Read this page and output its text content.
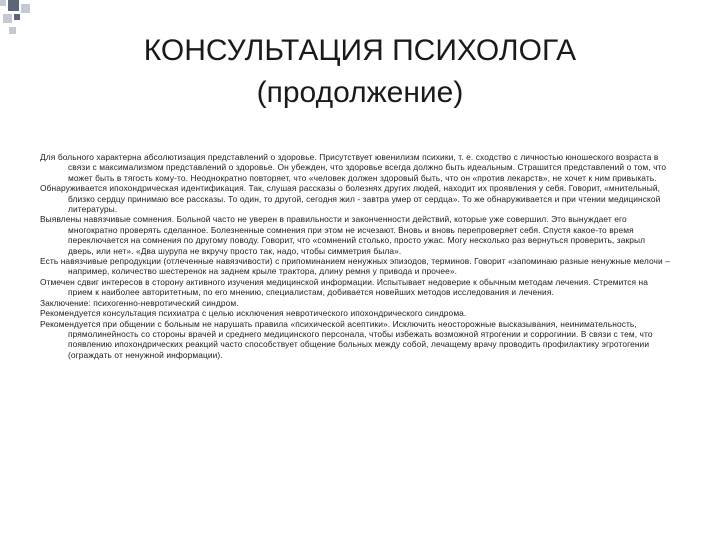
КОНСУЛЬТАЦИЯ ПСИХОЛОГА
(продолжение)

Для больного характерна абсолютизация представлений о здоровье. Присутствует ювенилизм психики, т. е. сходство с личностью юношеского возраста в связи с максимализмом представлений о здоровье. Он убежден, что здоровье всегда должно быть идеальным. Страшится представлений о том, что может быть в тягость кому-то. Неоднократно повторяет, что «человек должен здоровый быть, что он «против лекарств», не хочет к ним привыкать.

Обнаруживается ипохондрическая идентификация. Так, слушая рассказы о болезнях других людей, находит их проявления у себя. Говорит, «мнительный, близко сердцу принимаю все рассказы. То один, то другой, сегодня жил - завтра умер от сердца». То же обнаруживается и при чтении медицинской литературы.

Выявлены навязчивые сомнения. Больной часто не уверен в правильности и законченности действий, которые уже совершил. Это вынуждает его многократно проверять сделанное. Болезненные сомнения при этом не исчезают. Вновь и вновь перепроверяет себя. Спустя какое-то время переключается на сомнения по другому поводу. Говорит, что «сомнений столько, просто ужас. Могу несколько раз вернуться проверить, закрыл дверь, или нет». «Два шурупа не вкручу просто так, надо, чтобы симметрия была».

Есть навязчивые репродукции (отлеченные навязчивости) с припоминанием ненужных эпизодов, терминов. Говорит «запоминаю разные ненужные мелочи – например, количество шестеренок на заднем крыле трактора, длину ремня у привода и прочее».

Отмечен сдвиг интересов в сторону активного изучения медицинской информации. Испытывает недоверие к обычным методам лечения. Стремится на прием к наиболее авторитетным, по его мнению, специалистам, добивается новейших методов исследования и лечения.

Заключение: психогенно-невротический синдром.

Рекомендуется консультация психиатра с целью исключения невротического ипохондрического синдрома.

Рекомендуется при общении с больным не нарушать правила «психической асептики». Исключить неосторожные высказывания, неинимательность, прямолинейность со стороны врачей и среднего медицинского персонала, чтобы избежать возможной ятрогении и соррогинии. В связи с тем, что появлению ипохондрических реакций часто способствует общение больных между собой, лечащему врачу проводить профилактику эгротогении (ограждать от ненужной информации).
